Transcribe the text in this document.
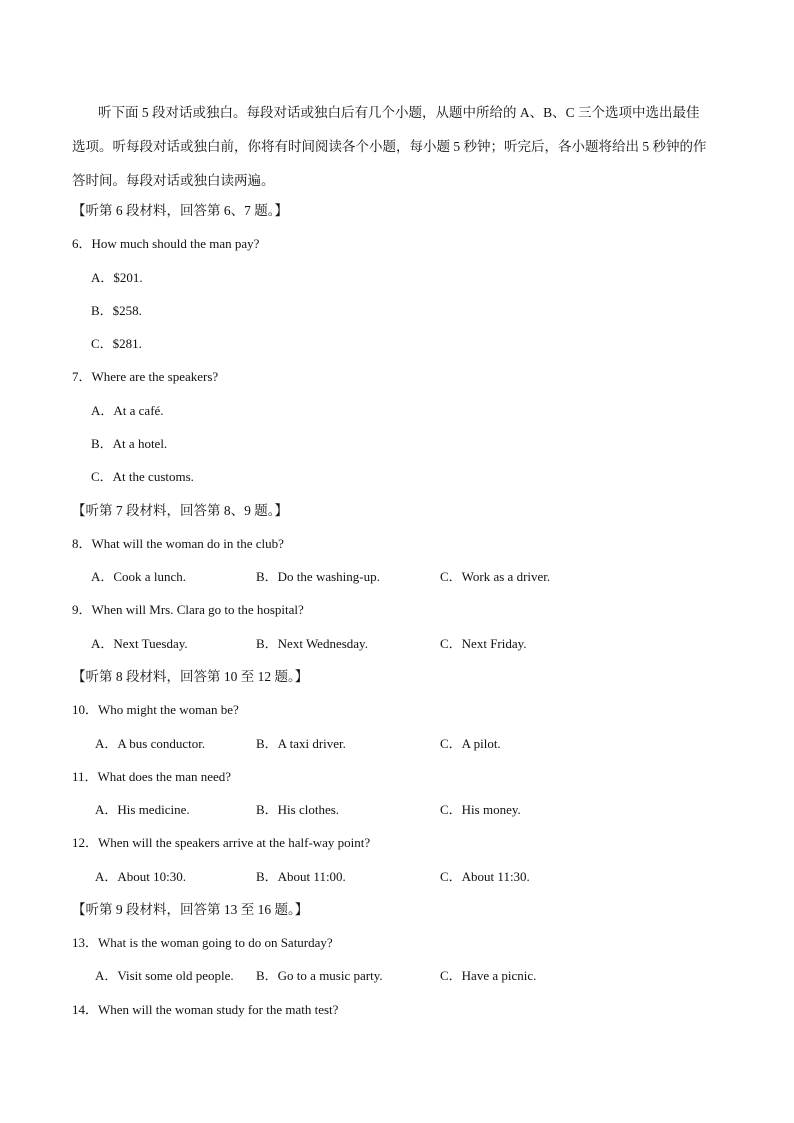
听下面 5 段对话或独白。每段对话或独白后有几个小题，从题中所给的 A、B、C 三个选项中选出最佳选项。听每段对话或独白前，你将有时间阅读各个小题，每小题 5 秒钟；听完后，各小题将给出 5 秒钟的作答时间。每段对话或独白读两遍。
【听第 6 段材料，回答第 6、7 题。】
6．How much should the man pay?
A．$201.
B．$258.
C．$281.
7．Where are the speakers?
A．At a café.
B．At a hotel.
C．At the customs.
【听第 7 段材料，回答第 8、9 题。】
8．What will the woman do in the club?
A．Cook a lunch.	B．Do the washing-up.	C．Work as a driver.
9．When will Mrs. Clara go to the hospital?
A．Next Tuesday.	B．Next Wednesday.	C．Next Friday.
【听第 8 段材料，回答第 10 至 12 题。】
10．Who might the woman be?
A．A bus conductor.	B．A taxi driver.	C．A pilot.
11．What does the man need?
A．His medicine.	B．His clothes.	C．His money.
12．When will the speakers arrive at the half-way point?
A．About 10:30.	B．About 11:00.	C．About 11:30.
【听第 9 段材料，回答第 13 至 16 题。】
13．What is the woman going to do on Saturday?
A．Visit some old people. B．Go to a music party.	C．Have a picnic.
14．When will the woman study for the math test?
